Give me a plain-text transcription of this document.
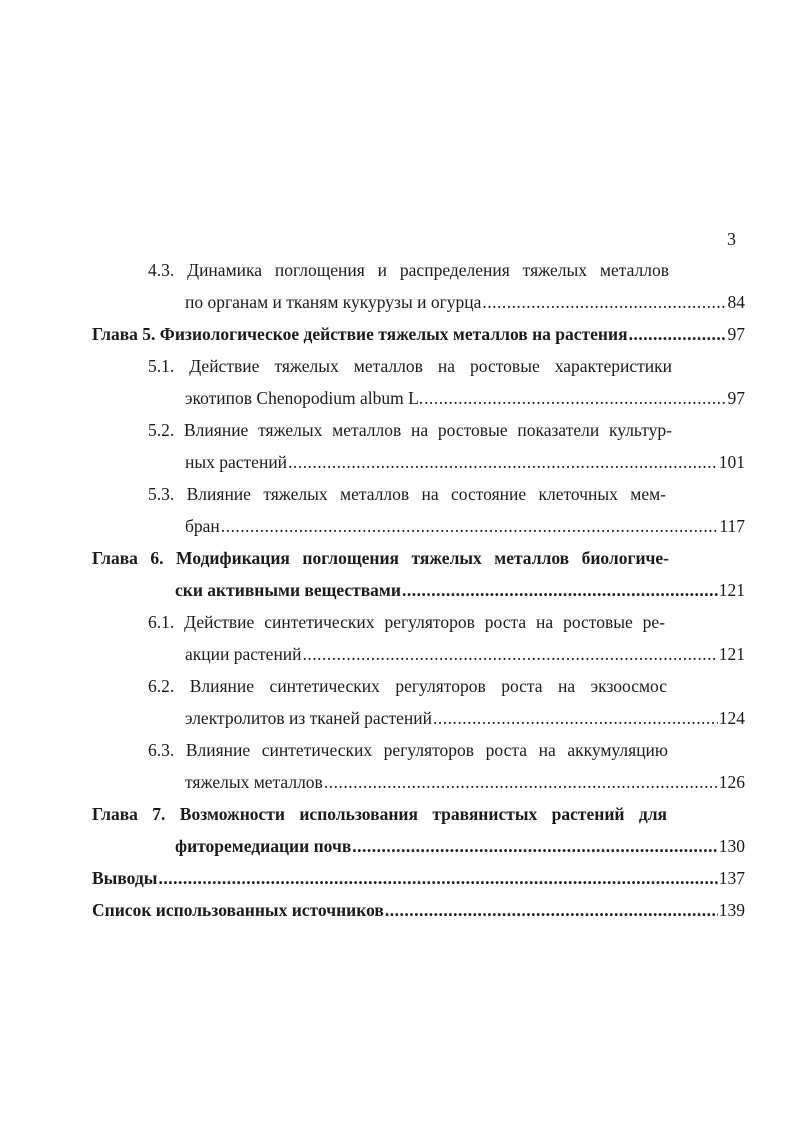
3
4.3. Динамика поглощения и распределения тяжелых металлов
по органам и тканям кукурузы и огурца .....	84
Глава 5. Физиологическое действие тяжелых металлов на растения .....	97
5.1. Действие тяжелых металлов на ростовые характеристики
экотипов Chenopodium album L. .....	97
5.2. Влияние тяжелых металлов на ростовые показатели культур-
ных растений .....	101
5.3. Влияние тяжелых металлов на состояние клеточных мем-
бран .....	117
Глава 6. Модификация поглощения тяжелых металлов биологиче-
ски активными веществами .....	121
6.1. Действие синтетических регуляторов роста на ростовые ре-
акции растений .....	121
6.2. Влияние синтетических регуляторов роста на экзоосмос
электролитов из тканей растений .....	124
6.3. Влияние синтетических регуляторов роста на аккумуляцию
тяжелых металлов .....	126
Глава 7. Возможности использования травянистых растений для
фиторемедиации почв .....	130
Выводы .....	137
Список использованных источников .....	139
